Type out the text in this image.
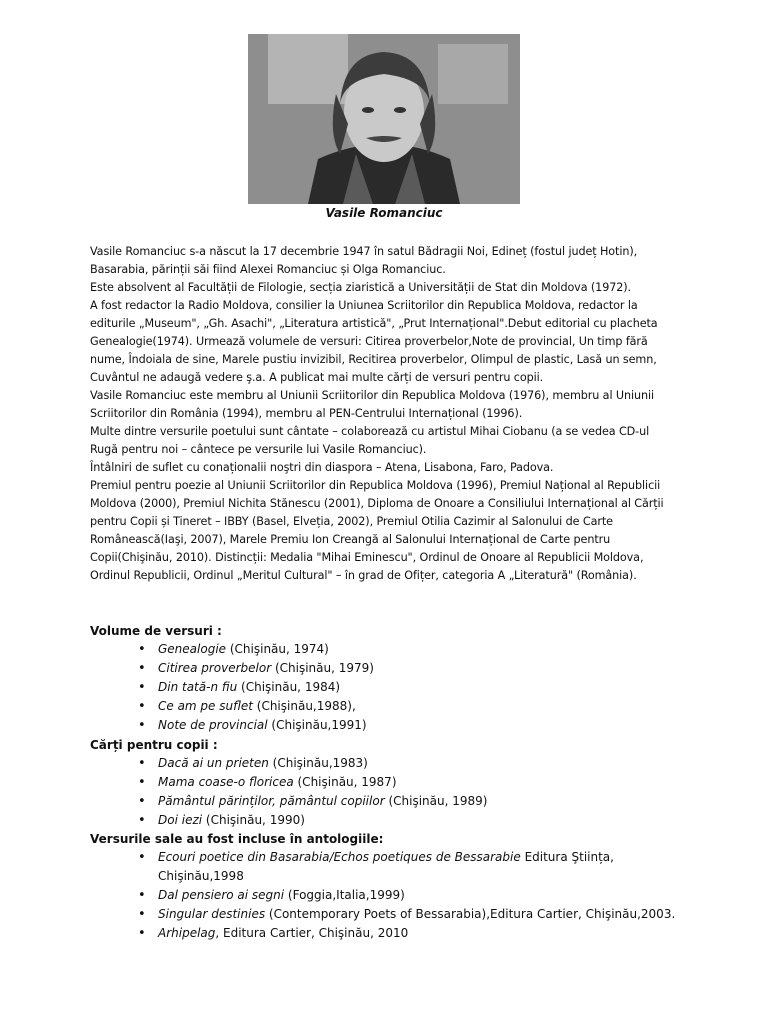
Vasile Romanciuc

Vasile Romanciuc s-a născut la 17 decembrie 1947 în satul Bădragii Noi, Edineț (fostul județ Hotin), Basarabia, părinții săi fiind Alexei Romanciuc și Olga Romanciuc.

Este absolvent al Facultății de Filologie, secția ziaristică a Universității de Stat din Moldova (1972).

A fost redactor la Radio Moldova, consilier la Uniunea Scriitorilor din Republica Moldova, redactor la editurile „Museum", „Gh. Asachi", „Literatura artistică", „Prut Internațional".Debut editorial cu placheta Genealogie(1974). Urmează volumele de versuri: Citirea proverbelor,Note de provincial, Un timp fără nume, Îndoiala de sine, Marele pustiu invizibil, Recitirea proverbelor, Olimpul de plastic, Lasă un semn, Cuvântul ne adaugă vedere ş.a. A publicat mai multe cărți de versuri pentru copii.

Vasile Romanciuc este membru al Uniunii Scriitorilor din Republica Moldova (1976), membru al Uniunii Scriitorilor din România (1994), membru al PEN-Centrului Internațional (1996).

Multe dintre versurile poetului sunt cântate – colaborează cu artistul Mihai Ciobanu (a se vedea CD-ul Rugă pentru noi – cântece pe versurile lui Vasile Romanciuc).

Întâlniri de suflet cu conaționalii noştri din diaspora – Atena, Lisabona, Faro, Padova.

Premiul pentru poezie al Uniunii Scriitorilor din Republica Moldova (1996), Premiul Național al Republicii Moldova (2000), Premiul Nichita Stănescu (2001), Diploma de Onoare a Consiliului Internațional al Cărții pentru Copii și Tineret – IBBY (Basel, Elveția, 2002), Premiul Otilia Cazimir al Salonului de Carte Românească(Iaşi, 2007), Marele Premiu Ion Creangă al Salonului Internațional de Carte pentru Copii(Chişinău, 2010). Distincții: Medalia "Mihai Eminescu", Ordinul de Onoare al Republicii Moldova, Ordinul Republicii, Ordinul „Meritul Cultural" – în grad de Ofițer, categoria A „Literatură" (România).

Volume de versuri :
• Genealogie (Chişinău, 1974)
• Citirea proverbelor (Chişinău, 1979)
• Din tată-n fiu (Chişinău, 1984)
• Ce am pe suflet (Chişinău,1988),
• Note de provincial (Chişinău,1991)
Cărți pentru copii :
• Dacă ai un prieten (Chişinău,1983)
• Mama coase-o floricea (Chişinău, 1987)
• Pământul părinților, pământul copiilor (Chişinău, 1989)
• Doi iezi (Chişinău, 1990)
Versurile sale au fost incluse în antologiile:
• Ecouri poetice din Basarabia/Echos poetiques de Bessarabie Editura Ştiința, Chişinău,1998
• Dal pensiero ai segni (Foggia,Italia,1999)
• Singular destinies (Contemporary Poets of Bessarabia),Editura Cartier, Chişinău,2003.
• Arhipelag, Editura Cartier, Chişinău, 2010
